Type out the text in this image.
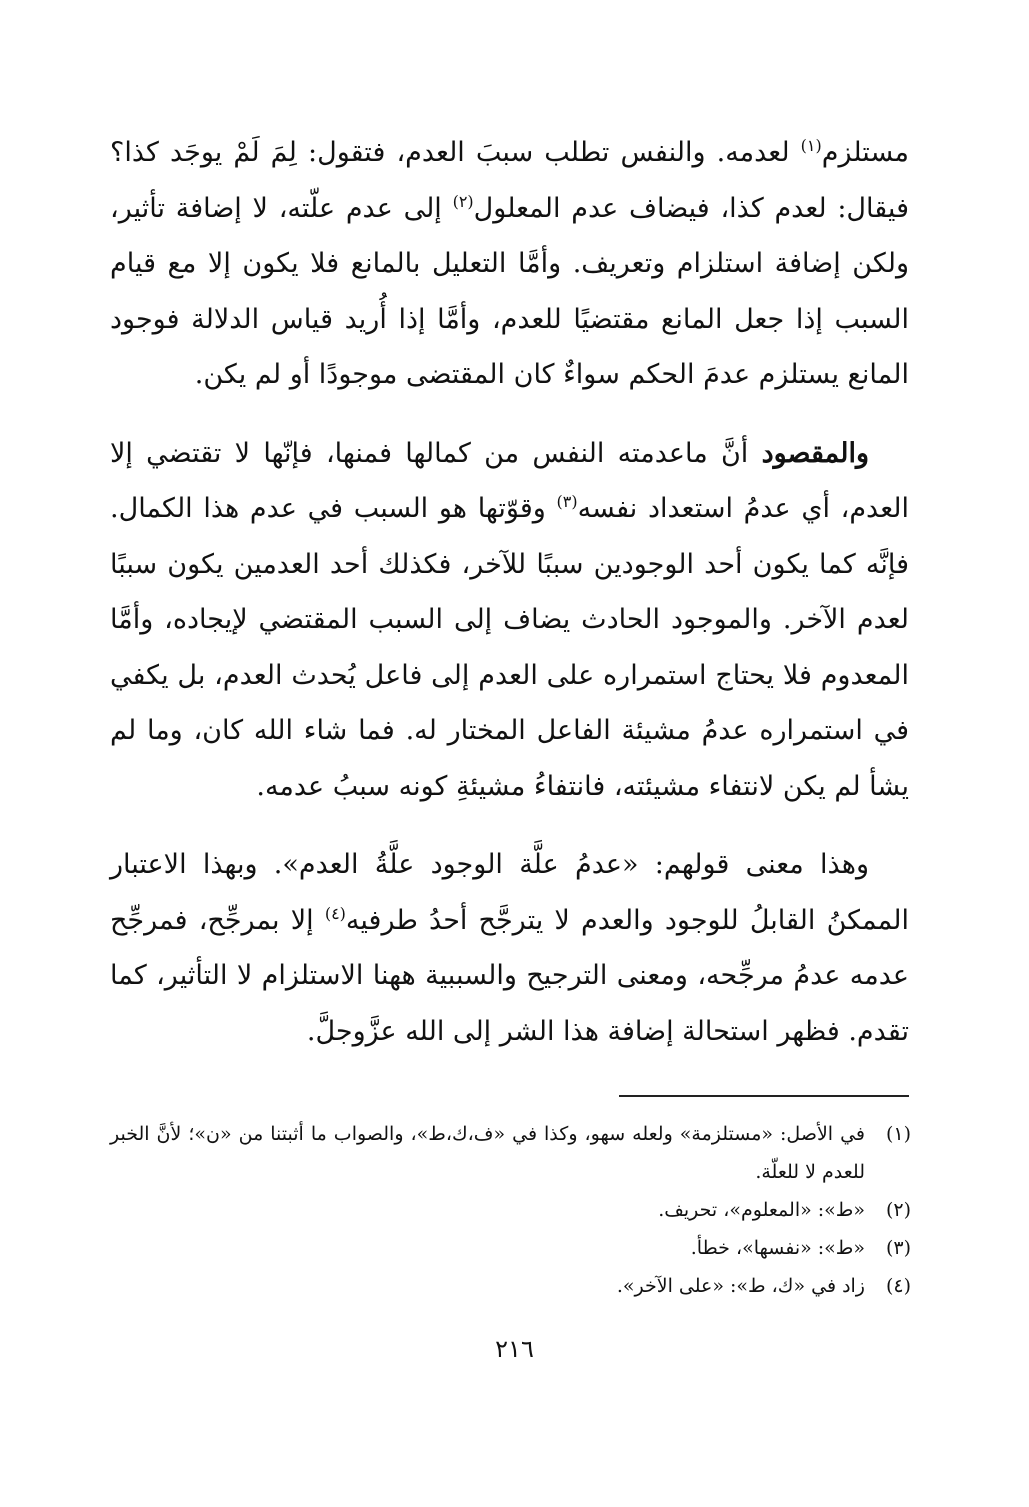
مستلزم$^{(١)}$ لعدمه. والنفس تطلب سببَ العدم، فتقول: لِمَ لَمْ يوجَد كذا؟ فيقال: لعدم كذا، فيضاف عدم المعلول$^{(٢)}$ إلى عدم علّته، لا إضافة تأثير، ولكن إضافة استلزام وتعريف. وأمَّا التعليل بالمانع فلا يكون إلا مع قيام السبب إذا جعل المانع مقتضيًا للعدم، وأمَّا إذا أُريد قياس الدلالة فوجود المانع يستلزم عدمَ الحكم سواءٌ كان المقتضى موجودًا أو لم يكن.

والمقصود أنَّ ماعدمته النفس من كمالها فمنها، فإنّها لا تقتضي إلا العدم، أي عدمُ استعداد نفسه$^{(٣)}$ وقوّتها هو السبب في عدم هذا الكمال. فإنَّه كما يكون أحد الوجودين سببًا للآخر، فكذلك أحد العدمين يكون سببًا لعدم الآخر. والموجود الحادث يضاف إلى السبب المقتضي لإيجاده، وأمَّا المعدوم فلا يحتاج استمراره على العدم إلى فاعل يُحدث العدم، بل يكفي في استمراره عدمُ مشيئة الفاعل المختار له. فما شاء الله كان، وما لم يشأ لم يكن لانتفاء مشيئته، فانتفاءُ مشيئةِ كونه سببُ عدمه.

وهذا معنى قولهم: «عدمُ علَّة الوجود علَّةُ العدم». وبهذا الاعتبار الممكنُ القابلُ للوجود والعدم لا يترجَّح أحدُ طرفيه$^{(٤)}$ إلا بمرجِّح، فمرجِّح عدمه عدمُ مرجِّحه، ومعنى الترجيح والسببية ههنا الاستلزام لا التأثير، كما تقدم. فظهر استحالة إضافة هذا الشر إلى الله عزَّوجلَّ.

(١)
في الأصل: «مستلزمة» ولعله سهو، وكذا في «ف،ك،ط»، والصواب ما أثبتنا من «ن»؛ لأنَّ الخبر للعدم لا للعلّة.
(٢)
«ط»: «المعلوم»، تحريف.
(٣)
«ط»: «نفسها»، خطأ.
(٤)
زاد في «ك، ط»: «على الآخر».
٢١٦
